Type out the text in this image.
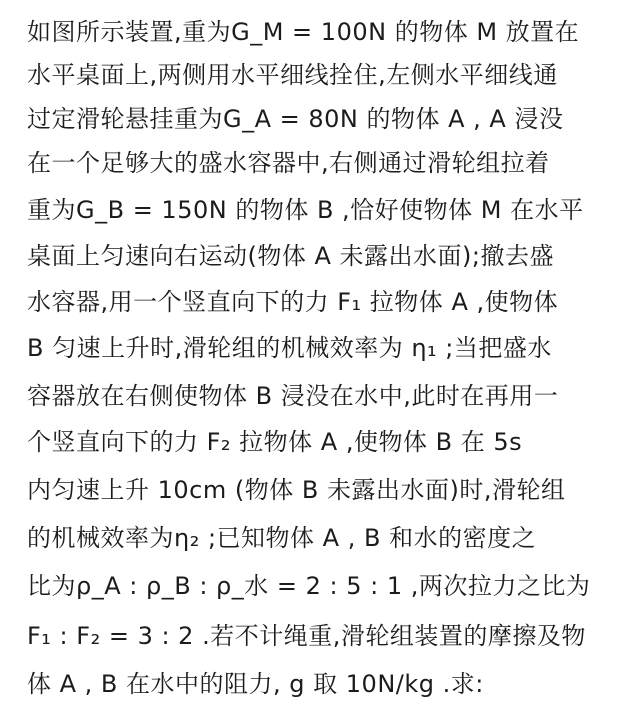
如图所示装置,重为G_M = 100N 的物体 M 放置在
水平桌面上,两侧用水平细线拴住,左侧水平细线通
过定滑轮悬挂重为G_A = 80N 的物体 A , A 浸没
在一个足够大的盛水容器中,右侧通过滑轮组拉着
重为G_B = 150N 的物体 B ,恰好使物体 M 在水平
桌面上匀速向右运动(物体 A 未露出水面);撤去盛
水容器,用一个竖直向下的力 F₁ 拉物体 A ,使物体
B 匀速上升时,滑轮组的机械效率为 η₁ ;当把盛水
容器放在右侧使物体 B 浸没在水中,此时在再用一
个竖直向下的力 F₂ 拉物体 A ,使物体 B 在 5s
内匀速上升 10cm (物体 B 未露出水面)时,滑轮组
的机械效率为η₂ ;已知物体 A , B 和水的密度之
比为ρ_A : ρ_B : ρ_水 = 2 : 5 : 1 ,两次拉力之比为
F₁ : F₂ = 3 : 2 .若不计绳重,滑轮组装置的摩擦及物
体 A , B 在水中的阻力, g 取 10N/kg .求:
